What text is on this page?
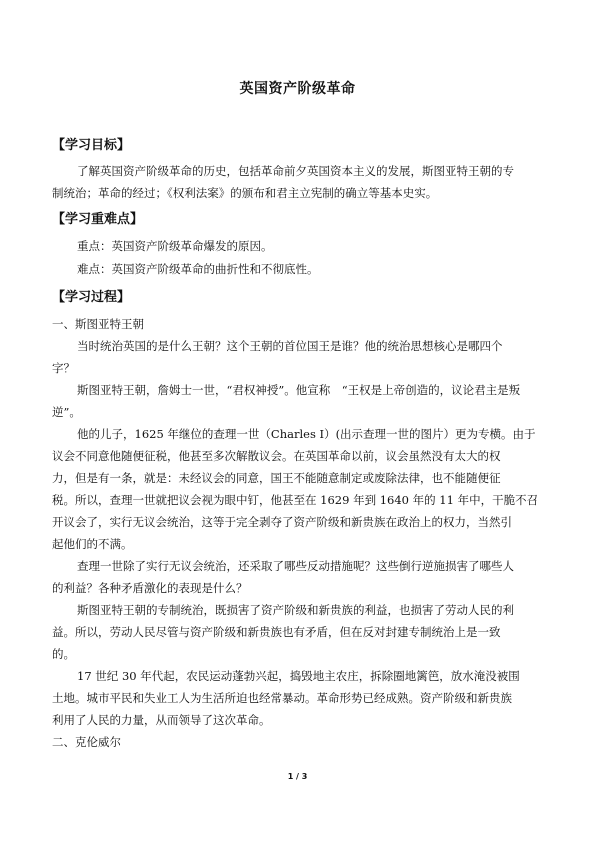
英国资产阶级革命
【学习目标】
了解英国资产阶级革命的历史，包括革命前夕英国资本主义的发展，斯图亚特王朝的专
制统治；革命的经过；《权利法案》的颁布和君主立宪制的确立等基本史实。
【学习重难点】
重点：英国资产阶级革命爆发的原因。
难点：英国资产阶级革命的曲折性和不彻底性。
【学习过程】
一、斯图亚特王朝
当时统治英国的是什么王朝？这个王朝的首位国王是谁？他的统治思想核心是哪四个
字？
斯图亚特王朝，詹姆士一世，“君权神授”。他宣称　“王权是上帝创造的，议论君主是叛
逆”。
他的儿子，1625 年继位的查理一世（Charles Ⅰ）(出示查理一世的图片）更为专横。由于
议会不同意他随便征税，他甚至多次解散议会。在英国革命以前，议会虽然没有太大的权
力，但是有一条，就是：未经议会的同意，国王不能随意制定或废除法律，也不能随便征
税。所以，查理一世就把议会视为眼中钉，他甚至在 1629 年到 1640 年的 11 年中，干脆不召
开议会了，实行无议会统治，这等于完全剥夺了资产阶级和新贵族在政治上的权力，当然引
起他们的不满。
查理一世除了实行无议会统治，还采取了哪些反动措施呢？这些倒行逆施损害了哪些人
的利益？各种矛盾激化的表现是什么？
斯图亚特王朝的专制统治，既损害了资产阶级和新贵族的利益，也损害了劳动人民的利
益。所以，劳动人民尽管与资产阶级和新贵族也有矛盾，但在反对封建专制统治上是一致
的。
17 世纪 30 年代起，农民运动蓬勃兴起，捣毁地主农庄，拆除圈地篱笆，放水淹没被围
土地。城市平民和失业工人为生活所迫也经常暴动。革命形势已经成熟。资产阶级和新贵族
利用了人民的力量，从而领导了这次革命。
二、克伦威尔
1 / 3
